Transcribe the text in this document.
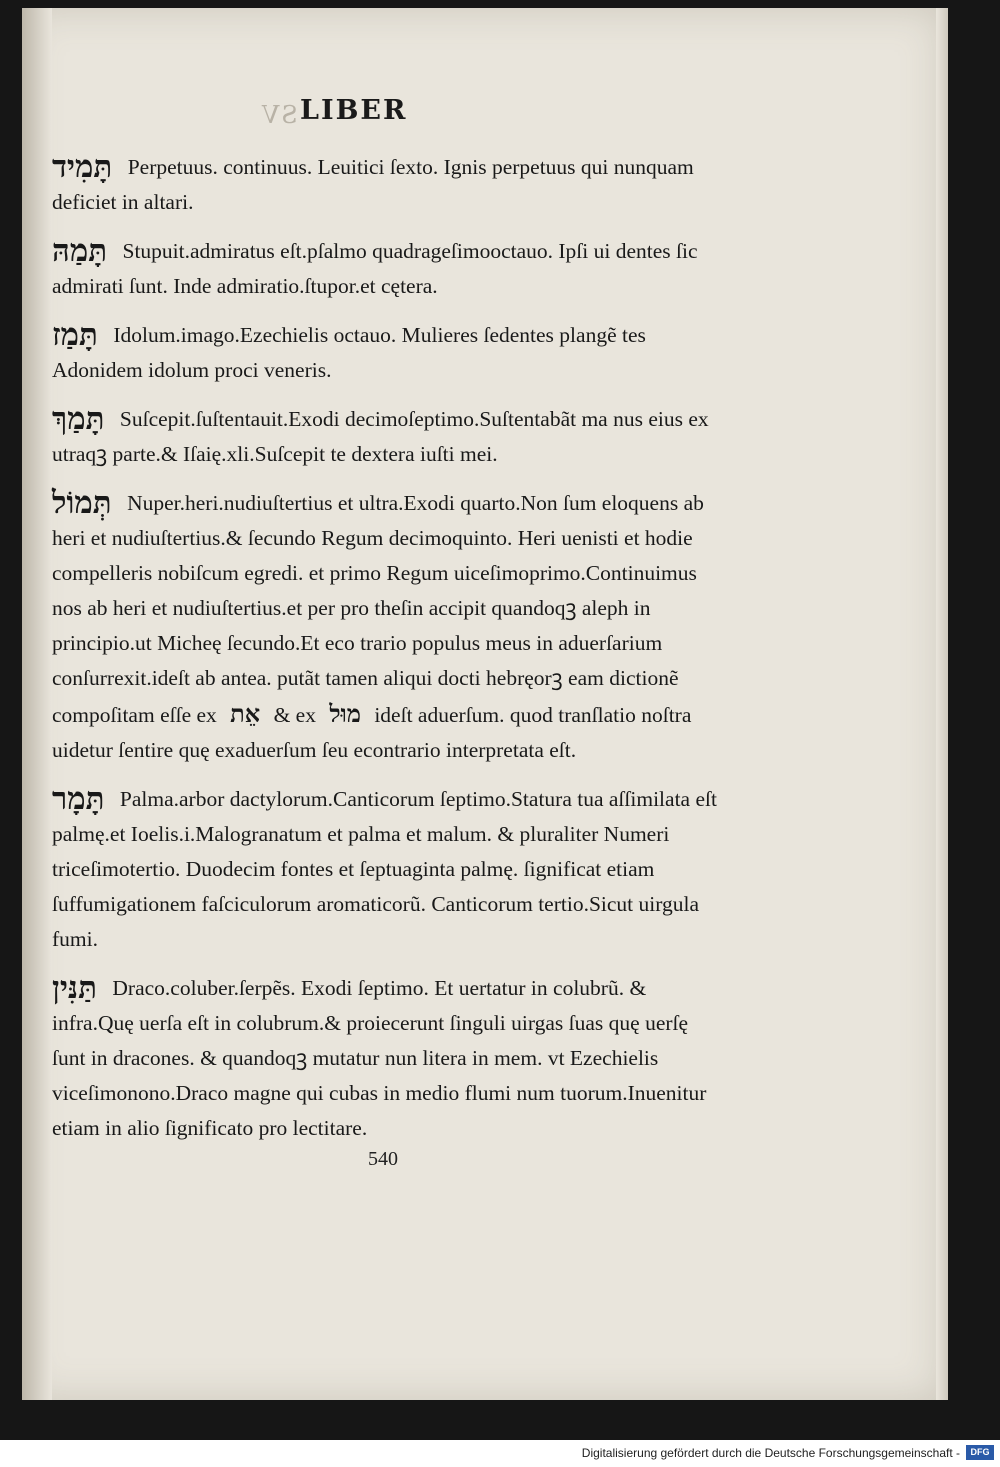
SV LIBER
תָּמִיד Perpetuus. continuus. Leuitici ſexto. Ignis perpetuus qui nunquam deficiet in altari.
תָּמַהּ Stupuit.admiratus eſt.pſalmo quadrageſimooctauo. Ipſi ui dentes ſic admirati ſunt. Inde admiratio.ſtupor.et cętera.
תָּמַז Idolum.imago.Ezechielis octauo. Mulieres ſedentes plangẽ tes Adonidem idolum proci veneris.
תָּמַךְ Suſcepit.ſuſtentauit.Exodi decimoſeptimo.Suſtentabãt ma nus eius ex utraqꝫ parte.& Iſaię.xli.Suſcepit te dextera iuſti mei.
תְּמוֹל Nuper.heri.nudiuſtertius et ultra.Exodi quarto.Non ſum eloquens ab heri et nudiuſtertius.& ſecundo Regum decimoquinto. Heri uenisti et hodie compelleris nobiſcum egredi. et primo Regum uiceſimoprimo.Continuimus nos ab heri et nudiuſtertius.et per pro theſin accipit quandoqꝫ aleph in principio.ut Micheę ſecundo.Et eco trario populus meus in aduerſarium conſurrexit.ideſt ab antea. putãt tamen aliqui docti hebręorꝫ eam dictionẽ compoſitam eſſe ex אֵת & ex מוּל ideſt aduerſum. quod tranſlatio noſtra uidetur ſentire quę exaduerſum ſeu econtrario interpretata eſt.
תָּמָר Palma.arbor dactylorum.Canticorum ſeptimo.Statura tua aſſimilata eſt palmę.et Ioelis.i.Malogranatum et palma et malum. & pluraliter Numeri triceſimotertio. Duodecim fontes et ſeptuaginta palmę. ſignificat etiam ſuffumigationem faſciculorum aromaticorũ. Canticorum tertio.Sicut uirgula fumi.
תַּנִּין Draco.coluber.ſerpẽs. Exodi ſeptimo. Et uertatur in colubrũ. & infra.Quę uerſa eſt in colubrum.& proiecerunt ſinguli uirgas ſuas quę uerſę ſunt in dracones. & quandoqꝫ mutatur nun litera in mem. vt Ezechielis viceſimonono.Draco magne qui cubas in medio flumi num tuorum.Inuenitur etiam in alio ſignificato pro lectitare.
540
Digitalisierung gefördert durch die Deutsche Forschungsgemeinschaft -	DFG
